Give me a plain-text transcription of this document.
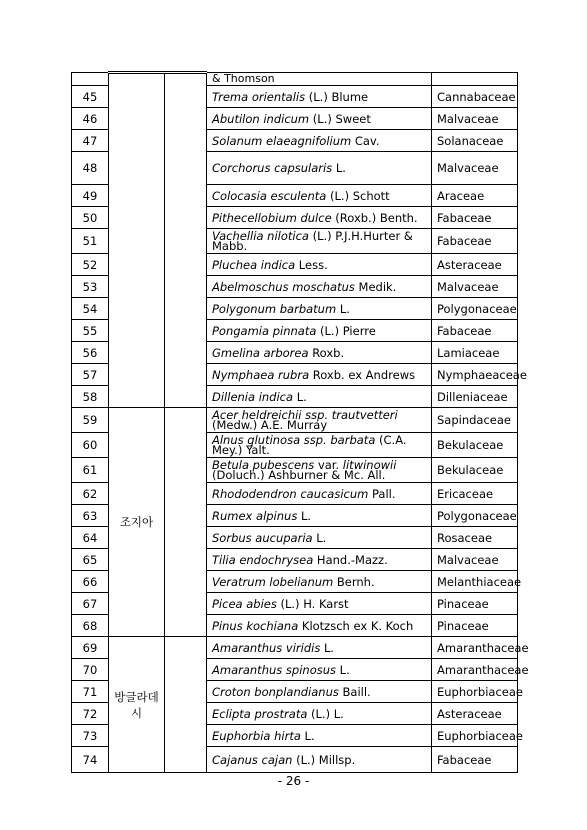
			& Thomson	
45			Trema orientalis (L.) Blume	Cannabaceae
46			Abutilon indicum (L.) Sweet	Malvaceae
47			Solanum elaeagnifolium Cav.	Solanaceae
48			Corchorus capsularis L.	Malvaceae
49			Colocasia esculenta (L.) Schott	Araceae
50			Pithecellobium dulce (Roxb.) Benth.	Fabaceae
51			Vachellia nilotica (L.) P.J.H.Hurter & Mabb.	Fabaceae
52			Pluchea indica Less.	Asteraceae
53			Abelmoschus moschatus Medik.	Malvaceae
54			Polygonum barbatum L.	Polygonaceae
55			Pongamia pinnata (L.) Pierre	Fabaceae
56			Gmelina arborea Roxb.	Lamiaceae
57			Nymphaea rubra Roxb. ex Andrews	Nymphaeaceae
58			Dillenia indica L.	Dilleniaceae
59	조지아		Acer heldreichii ssp. trautvetteri (Medw.) A.E. Murray	Sapindaceae
60			Alnus glutinosa ssp. barbata (C.A. Mey.) Yalt.	Bekulaceae
61			Betula pubescens var. litwinowii (Doluch.) Ashburner & Mc. All.	Bekulaceae
62			Rhododendron caucasicum Pall.	Ericaceae
63			Rumex alpinus L.	Polygonaceae
64			Sorbus aucuparia L.	Rosaceae
65			Tilia endochrysea Hand.-Mazz.	Malvaceae
66			Veratrum lobelianum Bernh.	Melanthiaceae
67			Picea abies (L.) H. Karst	Pinaceae
68			Pinus kochiana Klotzsch ex K. Koch	Pinaceae
69	방글라데시		Amaranthus viridis L.	Amaranthaceae
70			Amaranthus spinosus L.	Amaranthaceae
71			Croton bonplandianus Baill.	Euphorbiaceae
72			Eclipta prostrata (L.) L.	Asteraceae
73			Euphorbia hirta L.	Euphorbiaceae
74			Cajanus cajan (L.) Millsp.	Fabaceae
- 26 -
